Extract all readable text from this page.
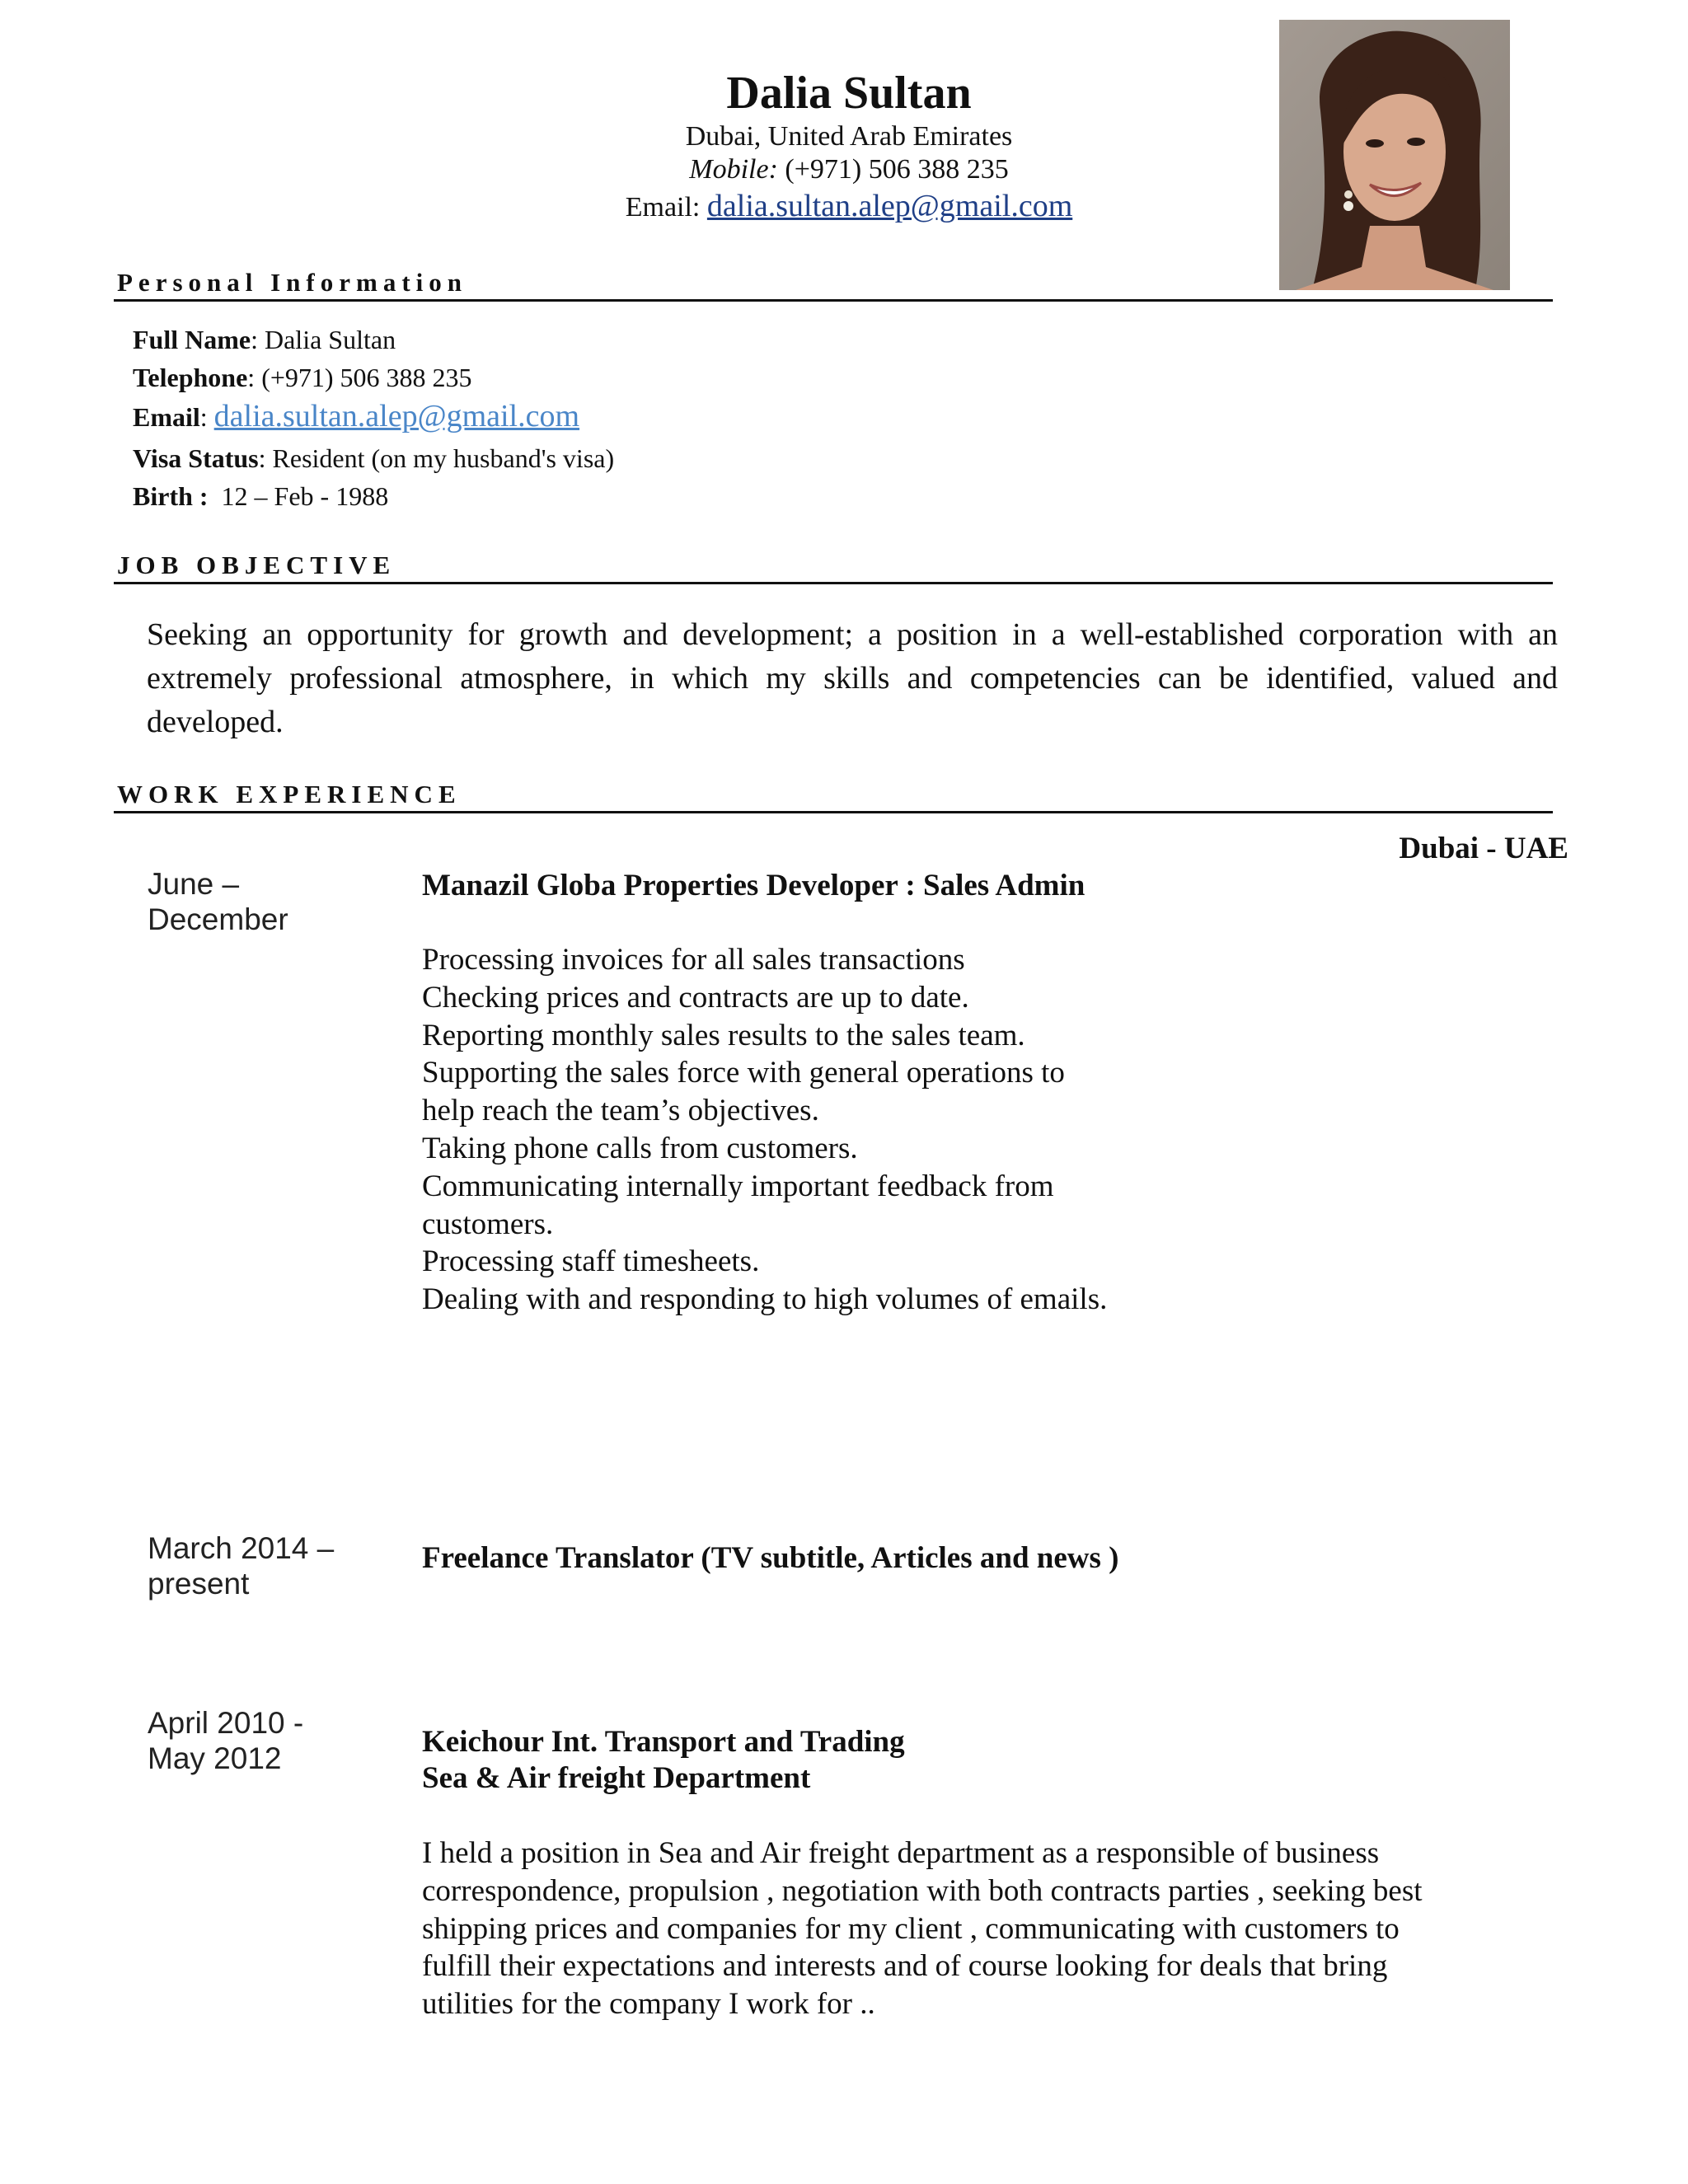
Dalia Sultan
Dubai, United Arab Emirates
Mobile: (+971) 506 388 235
Email: dalia.sultan.alep@gmail.com
Personal Information
Full Name: Dalia Sultan
Telephone: (+971) 506 388 235
Email: dalia.sultan.alep@gmail.com
Visa Status: Resident (on my husband's visa)
Birth : 12 – Feb - 1988
JOB OBJECTIVE
Seeking an opportunity for growth and development; a position in a well-established corporation with an extremely professional atmosphere, in which my skills and competencies can be identified, valued and developed.
WORK EXPERIENCE
Dubai - UAE
June –
December
Manazil Globa Properties Developer : Sales Admin
Processing invoices for all sales transactions
Checking prices and contracts are up to date.
Reporting monthly sales results to the sales team.
Supporting the sales force with general operations to
help reach the team’s objectives.
Taking phone calls from customers.
Communicating internally important feedback from
customers.
Processing staff timesheets.
Dealing with and responding to high volumes of emails.
March 2014 –
present
Freelance Translator (TV subtitle, Articles and news )
April 2010 -
May 2012	Keichour Int. Transport and Trading
Sea & Air freight Department
I held a position in Sea and Air freight department as a responsible of business
correspondence, propulsion , negotiation with both contracts parties , seeking best
shipping prices and companies for my client , communicating with customers to
fulfill their expectations and interests and of course looking for deals that bring
utilities for the company I work for ..
